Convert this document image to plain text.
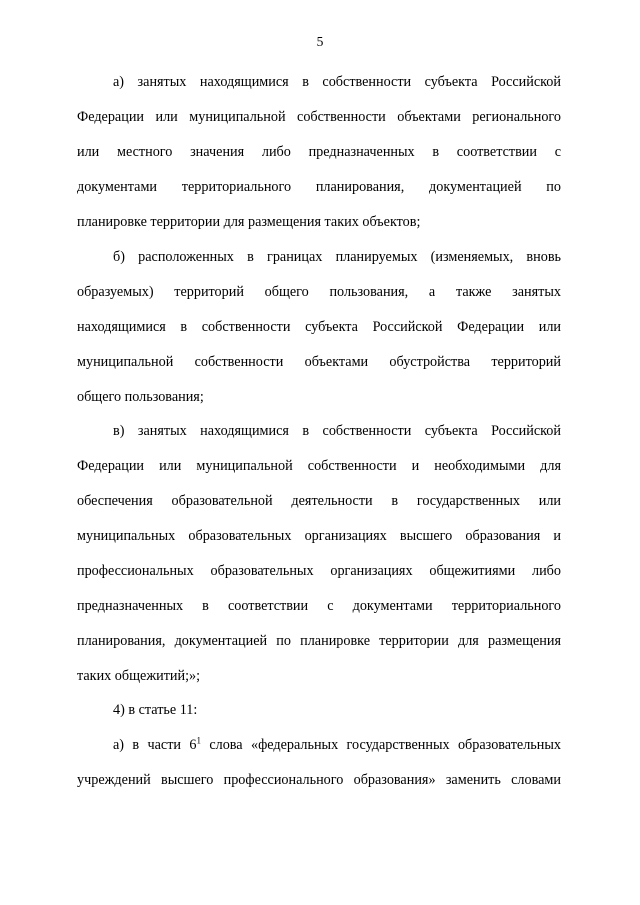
5
а) занятых находящимися в собственности субъекта Российской
Федерации или муниципальной собственности объектами регионального
или местного значения либо предназначенных в соответствии с
документами территориального планирования, документацией по
планировке территории для размещения таких объектов;
б) расположенных в границах планируемых (изменяемых, вновь
образуемых) территорий общего пользования, а также занятых
находящимися в собственности субъекта Российской Федерации или
муниципальной собственности объектами обустройства территорий
общего пользования;
в) занятых находящимися в собственности субъекта Российской
Федерации или муниципальной собственности и необходимыми для
обеспечения образовательной деятельности в государственных или
муниципальных образовательных организациях высшего образования и
профессиональных образовательных организациях общежитиями либо
предназначенных в соответствии с документами территориального
планирования, документацией по планировке территории для размещения
таких общежитий;»;
4) в статье 11:
а) в части $6^1$ слова «федеральных государственных образовательных
учреждений высшего профессионального образования» заменить словами
